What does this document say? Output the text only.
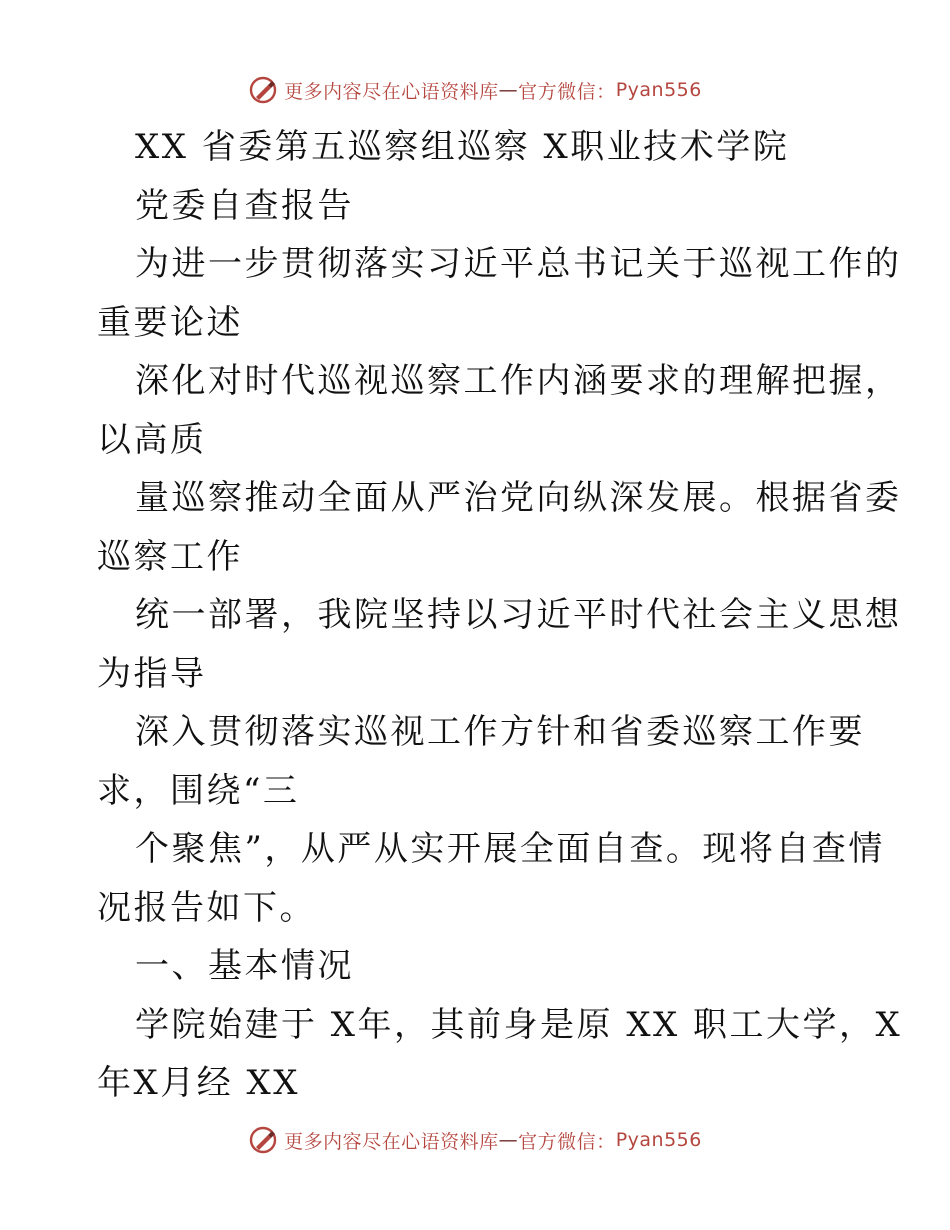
更多内容尽在心语资料库 — 官方微信： Pyan556
XX 省委第五巡察组巡察 X职业技术学院
党委自查报告
为进一步贯彻落实习近平总书记关于巡视工作的
重要论述
深化对时代巡视巡察工作内涵要求的理解把握，
以高质
量巡察推动全面从严治党向纵深发展。根据省委
巡察工作
统一部署，我院坚持以习近平时代社会主义思想
为指导
深入贯彻落实巡视工作方针和省委巡察工作要
求，围绕“三
个聚焦”，从严从实开展全面自查。现将自查情
况报告如下。
一、基本情况
学院始建于 X年，其前身是原 XX 职工大学，X
年X月经 XX
更多内容尽在心语资料库 — 官方微信： Pyan556
